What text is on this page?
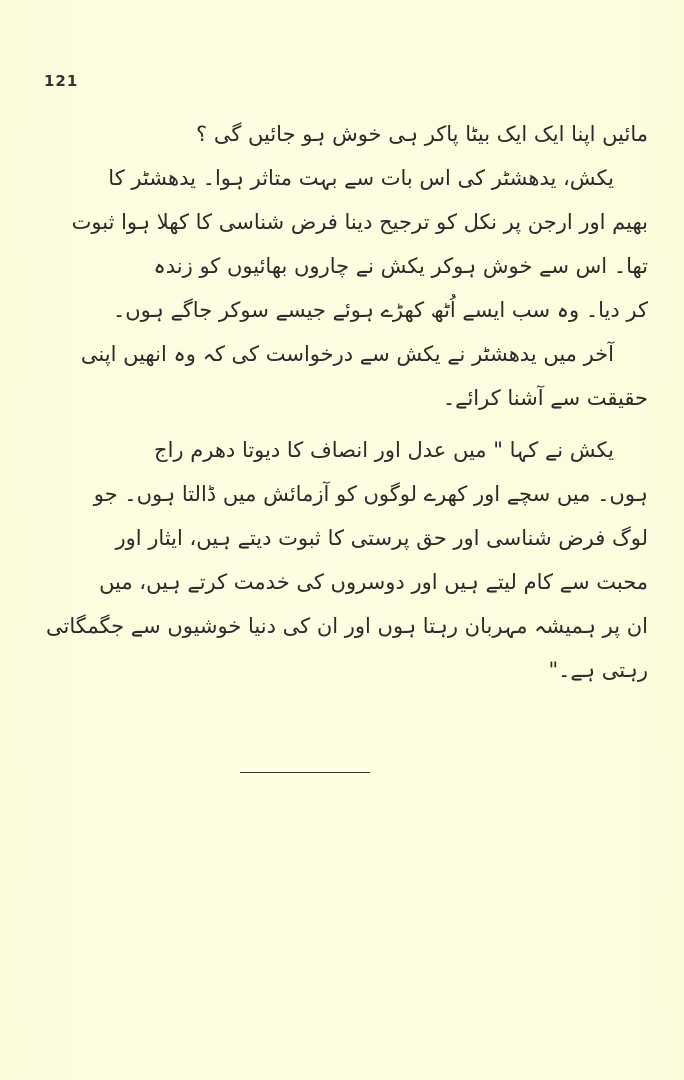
121
مائیں اپنا ایک ایک بیٹا پاکر ہی خوش ہو جائیں گی ؟
یکش، یدھشٹر کی اس بات سے بہت متاثر ہوا۔ یدھشٹر کا
بھیم اور ارجن پر نکل کو ترجیح دینا فرض شناسی کا کھلا ہوا ثبوت
تھا۔ اس سے خوش ہوکر یکش نے چاروں بھائیوں کو زندہ
کر دیا۔ وہ سب ایسے اُٹھ کھڑے ہوئے جیسے سوکر جاگے ہوں۔
آخر میں یدھشٹر نے یکش سے درخواست کی کہ وہ انھیں اپنی
حقیقت سے آشنا کرائے۔
یکش نے کہا " میں عدل اور انصاف کا دیوتا دھرم راج
ہوں۔ میں سچے اور کھرے لوگوں کو آزمائش میں ڈالتا ہوں۔ جو
لوگ فرض شناسی اور حق پرستی کا ثبوت دیتے ہیں، ایثار اور
محبت سے کام لیتے ہیں اور دوسروں کی خدمت کرتے ہیں، میں
ان پر ہمیشہ مہربان رہتا ہوں اور ان کی دنیا خوشیوں سے جگمگاتی
رہتی ہے۔"
